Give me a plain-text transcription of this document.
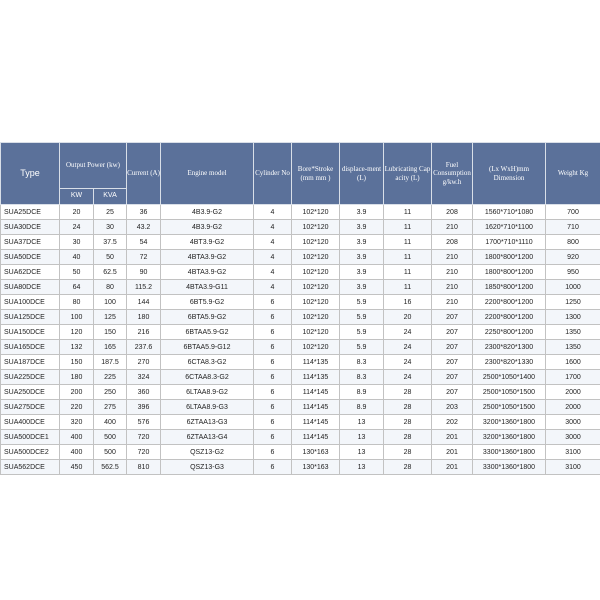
Type	Output Power (kw)		Current (A)	Engine model	Cylinder No	Bore*Stroke (mm mm )	displace-ment (L)	Lubricating Cap acity (L)	Fuel Consumption g/kw.h	(Lx WxH)mm Dimension	Weight Kg
	KW	KVA									
SUA25DCE	20	25	36	4B3.9-G2	4	102*120	3.9	11	208	1560*710*1080	700
SUA30DCE	24	30	43.2	4B3.9-G2	4	102*120	3.9	11	210	1620*710*1100	710
SUA37DCE	30	37.5	54	4BT3.9-G2	4	102*120	3.9	11	208	1700*710*1110	800
SUA50DCE	40	50	72	4BTA3.9-G2	4	102*120	3.9	11	210	1800*800*1200	920
SUA62DCE	50	62.5	90	4BTA3.9-G2	4	102*120	3.9	11	210	1800*800*1200	950
SUA80DCE	64	80	115.2	4BTA3.9-G11	4	102*120	3.9	11	210	1850*800*1200	1000
SUA100DCE	80	100	144	6BT5.9-G2	6	102*120	5.9	16	210	2200*800*1200	1250
SUA125DCE	100	125	180	6BTA5.9-G2	6	102*120	5.9	20	207	2200*800*1200	1300
SUA150DCE	120	150	216	6BTAA5.9-G2	6	102*120	5.9	24	207	2250*800*1200	1350
SUA165DCE	132	165	237.6	6BTAA5.9-G12	6	102*120	5.9	24	207	2300*820*1300	1350
SUA187DCE	150	187.5	270	6CTA8.3-G2	6	114*135	8.3	24	207	2300*820*1330	1600
SUA225DCE	180	225	324	6CTAA8.3-G2	6	114*135	8.3	24	207	2500*1050*1400	1700
SUA250DCE	200	250	360	6LTAA8.9-G2	6	114*145	8.9	28	207	2500*1050*1500	2000
SUA275DCE	220	275	396	6LTAA8.9-G3	6	114*145	8.9	28	203	2500*1050*1500	2000
SUA400DCE	320	400	576	6ZTAA13-G3	6	114*145	13	28	202	3200*1360*1800	3000
SUA500DCE1	400	500	720	6ZTAA13-G4	6	114*145	13	28	201	3200*1360*1800	3000
SUA500DCE2	400	500	720	QSZ13-G2	6	130*163	13	28	201	3300*1360*1800	3100
SUA562DCE	450	562.5	810	QSZ13-G3	6	130*163	13	28	201	3300*1360*1800	3100
